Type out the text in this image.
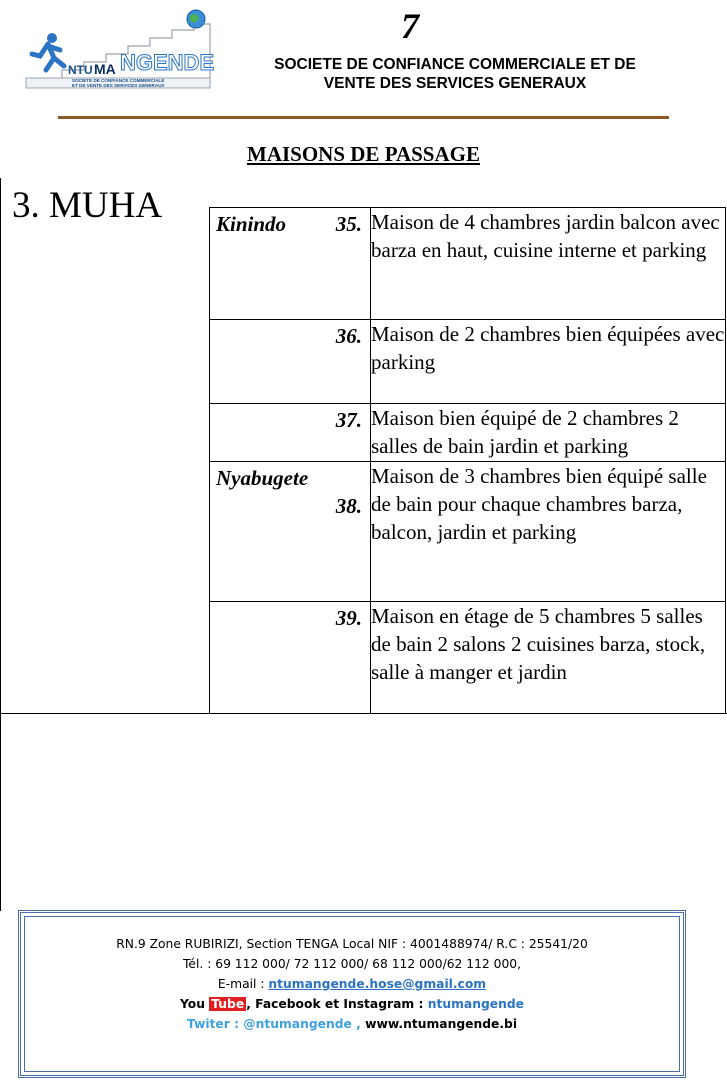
NTU MA NGENDE
SOCIETE DE CONFIANCE COMMERCIALE
ET DE VENTE DES SERVICES GENERAUX
7
SOCIETE DE CONFIANCE COMMERCIALE ET DE
VENTE DES SERVICES GENERAUX
MAISONS DE PASSAGE
3. MUHA	Kinindo 35.	Maison de 4 chambres jardin balcon avec barza en haut, cuisine interne et parking

36.	Maison de 2 chambres bien équipées avec parking

37.	Maison bien équipé de 2 chambres 2 salles de bain jardin et parking

Nyabugete
38.	Maison de 3 chambres bien équipé salle de bain pour chaque chambres barza, balcon, jardin et parking

39.	Maison en étage de 5 chambres 5 salles de bain 2 salons 2 cuisines barza, stock, salle à manger et jardin
RN.9 Zone RUBIRIZI, Section TENGA Local NIF : 4001488974/ R.C : 25541/20
Tél. : 69 112 000/ 72 112 000/ 68 112 000/62 112 000,
E-mail : ntumangende.hose@gmail.com
You Tube , Facebook et Instagram : ntumangende
Twiter : @ntumangende , www.ntumangende.bi
